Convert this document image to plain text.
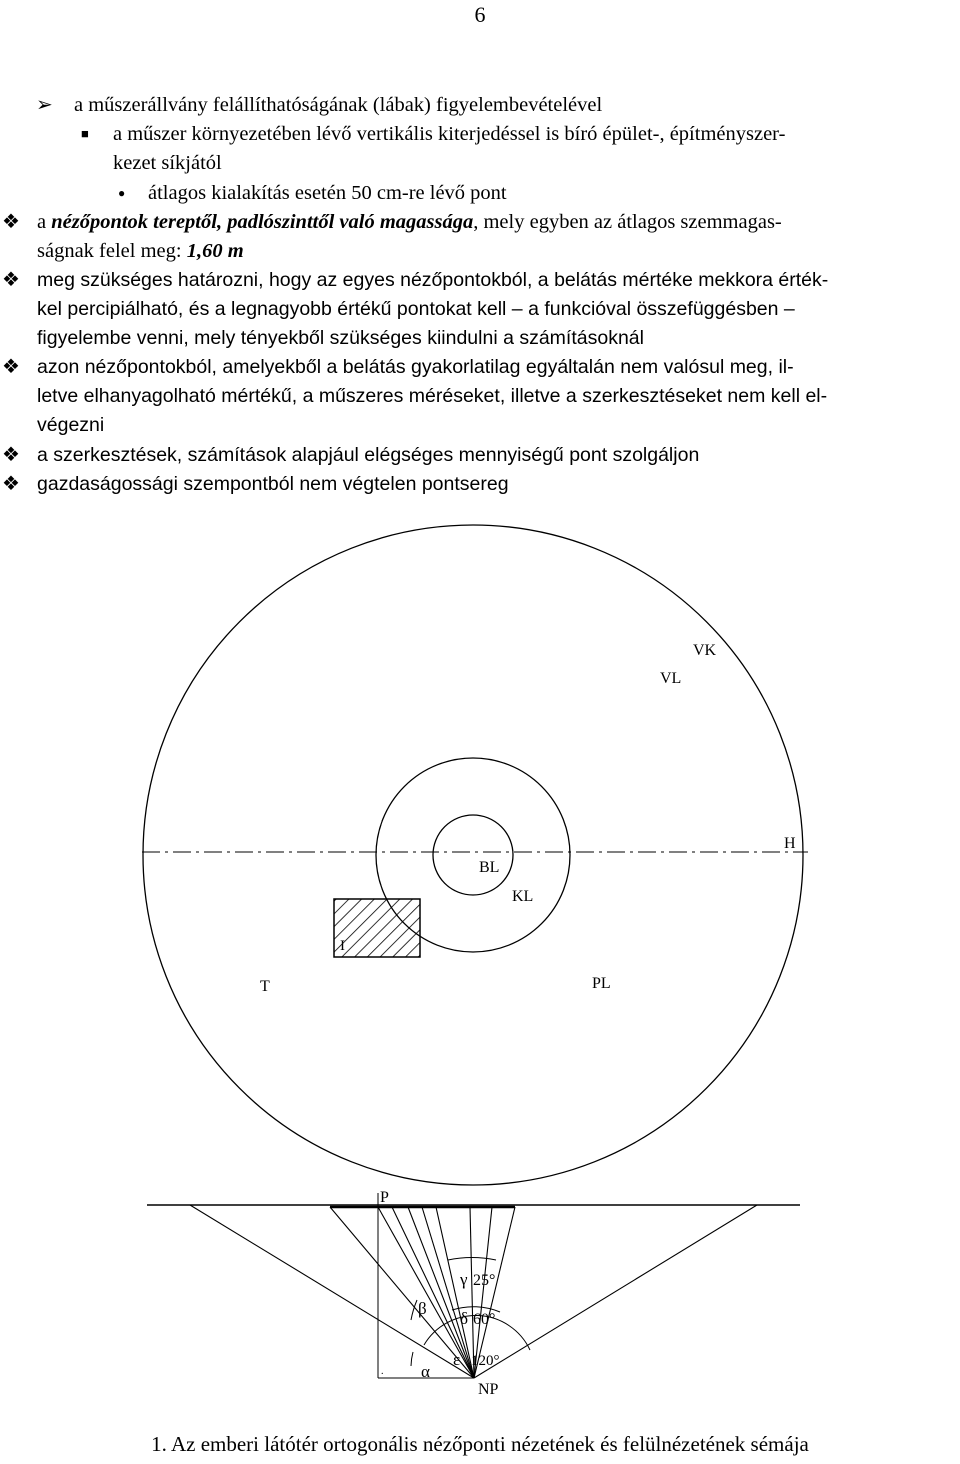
6
➢ a műszerállvány felállíthatóságának (lábak) figyelembevételével
■ a műszer környezetében lévő vertikális kiterjedéssel is bíró épület-, építményszer-
kezet síkjától
● átlagos kialakítás esetén 50 cm-re lévő pont
❖ a nézőpontok tereptől, padlószinttől való magassága, mely egyben az átlagos szemmagas-
ságnak felel meg: 1,60 m
❖ meg szükséges határozni, hogy az egyes nézőpontokból, a belátás mértéke mekkora érték-
kel percipiálható, és a legnagyobb értékű pontokat kell – a funkcióval összefüggésben –
figyelembe venni, mely tényekből szükséges kiindulni a számításoknál
❖ azon nézőpontokból, amelyekből a belátás gyakorlatilag egyáltalán nem valósul meg, il-
letve elhanyagolható mértékű, a műszeres méréseket, illetve a szerkesztéseket nem kell el-
végezni
❖ a szerkesztések, számítások alapjául elégséges mennyiségű pont szolgáljon
❖ gazdaságossági szempontból nem végtelen pontsereg
VK
VL
H
BL
KL
T	PL
I
.
P
γ 25°
β
δ 60°
ε 120°
α
NP
1. Az emberi látótér ortogonális nézőponti nézetének és felülnézetének sémája
